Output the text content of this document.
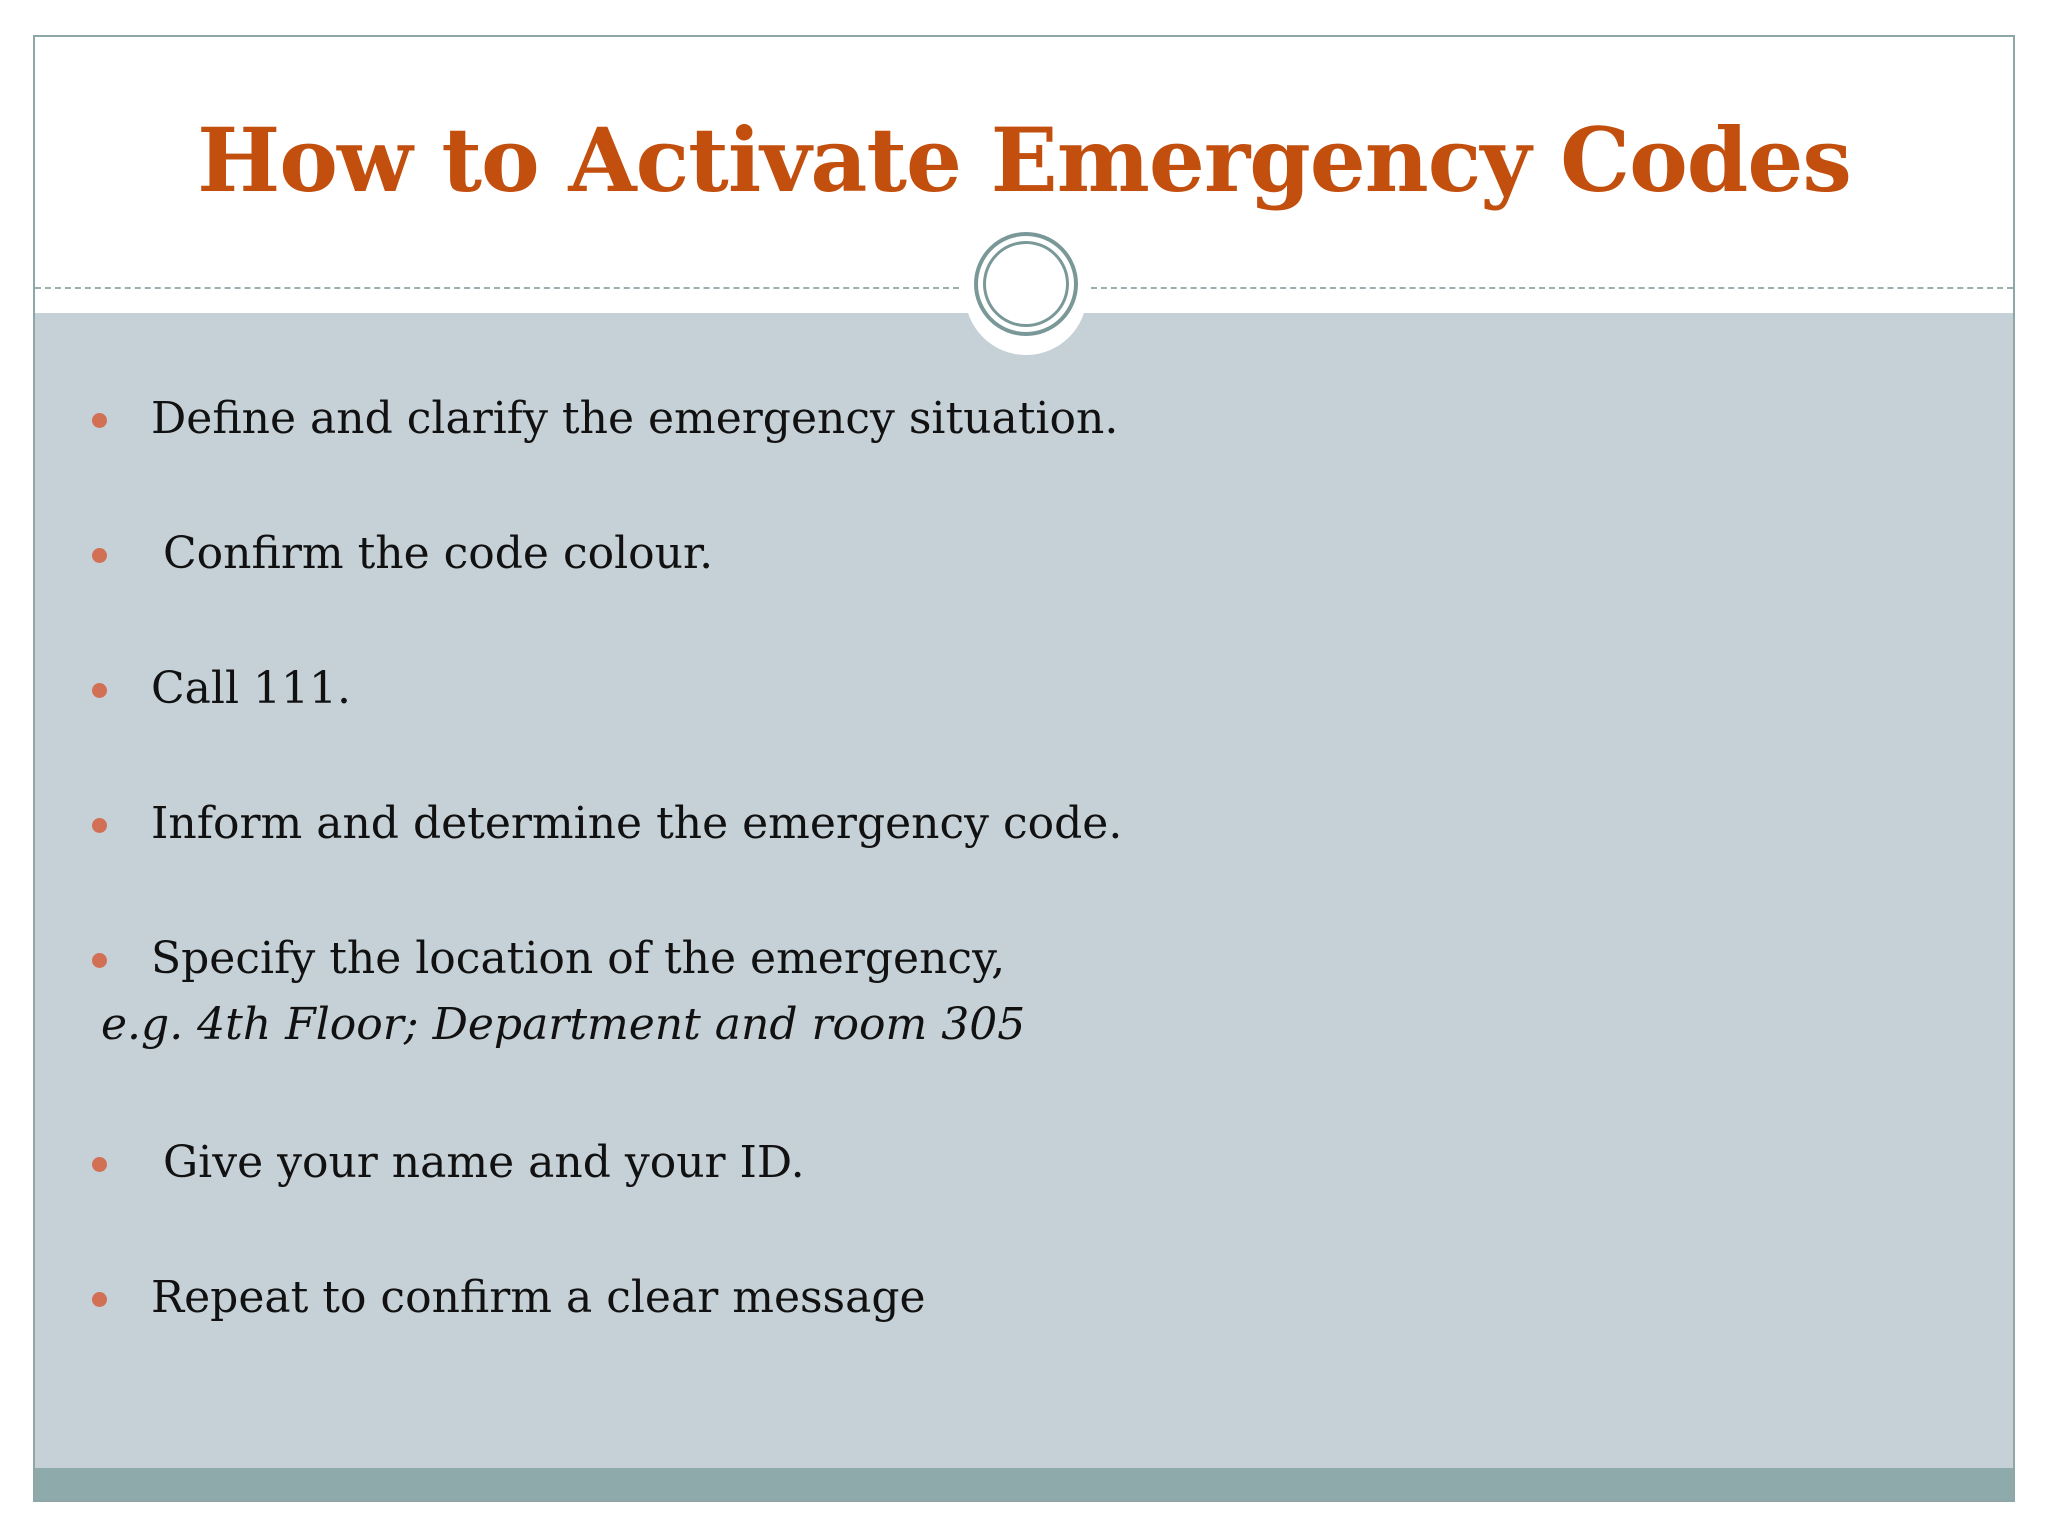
How to Activate Emergency Codes
Define and clarify the emergency situation.
Confirm the code colour.
Call 111.
Inform and determine the emergency code.
Specify the location of the emergency,
e.g. 4th Floor; Department and room 305
Give your name and your ID.
Repeat to confirm a clear message
